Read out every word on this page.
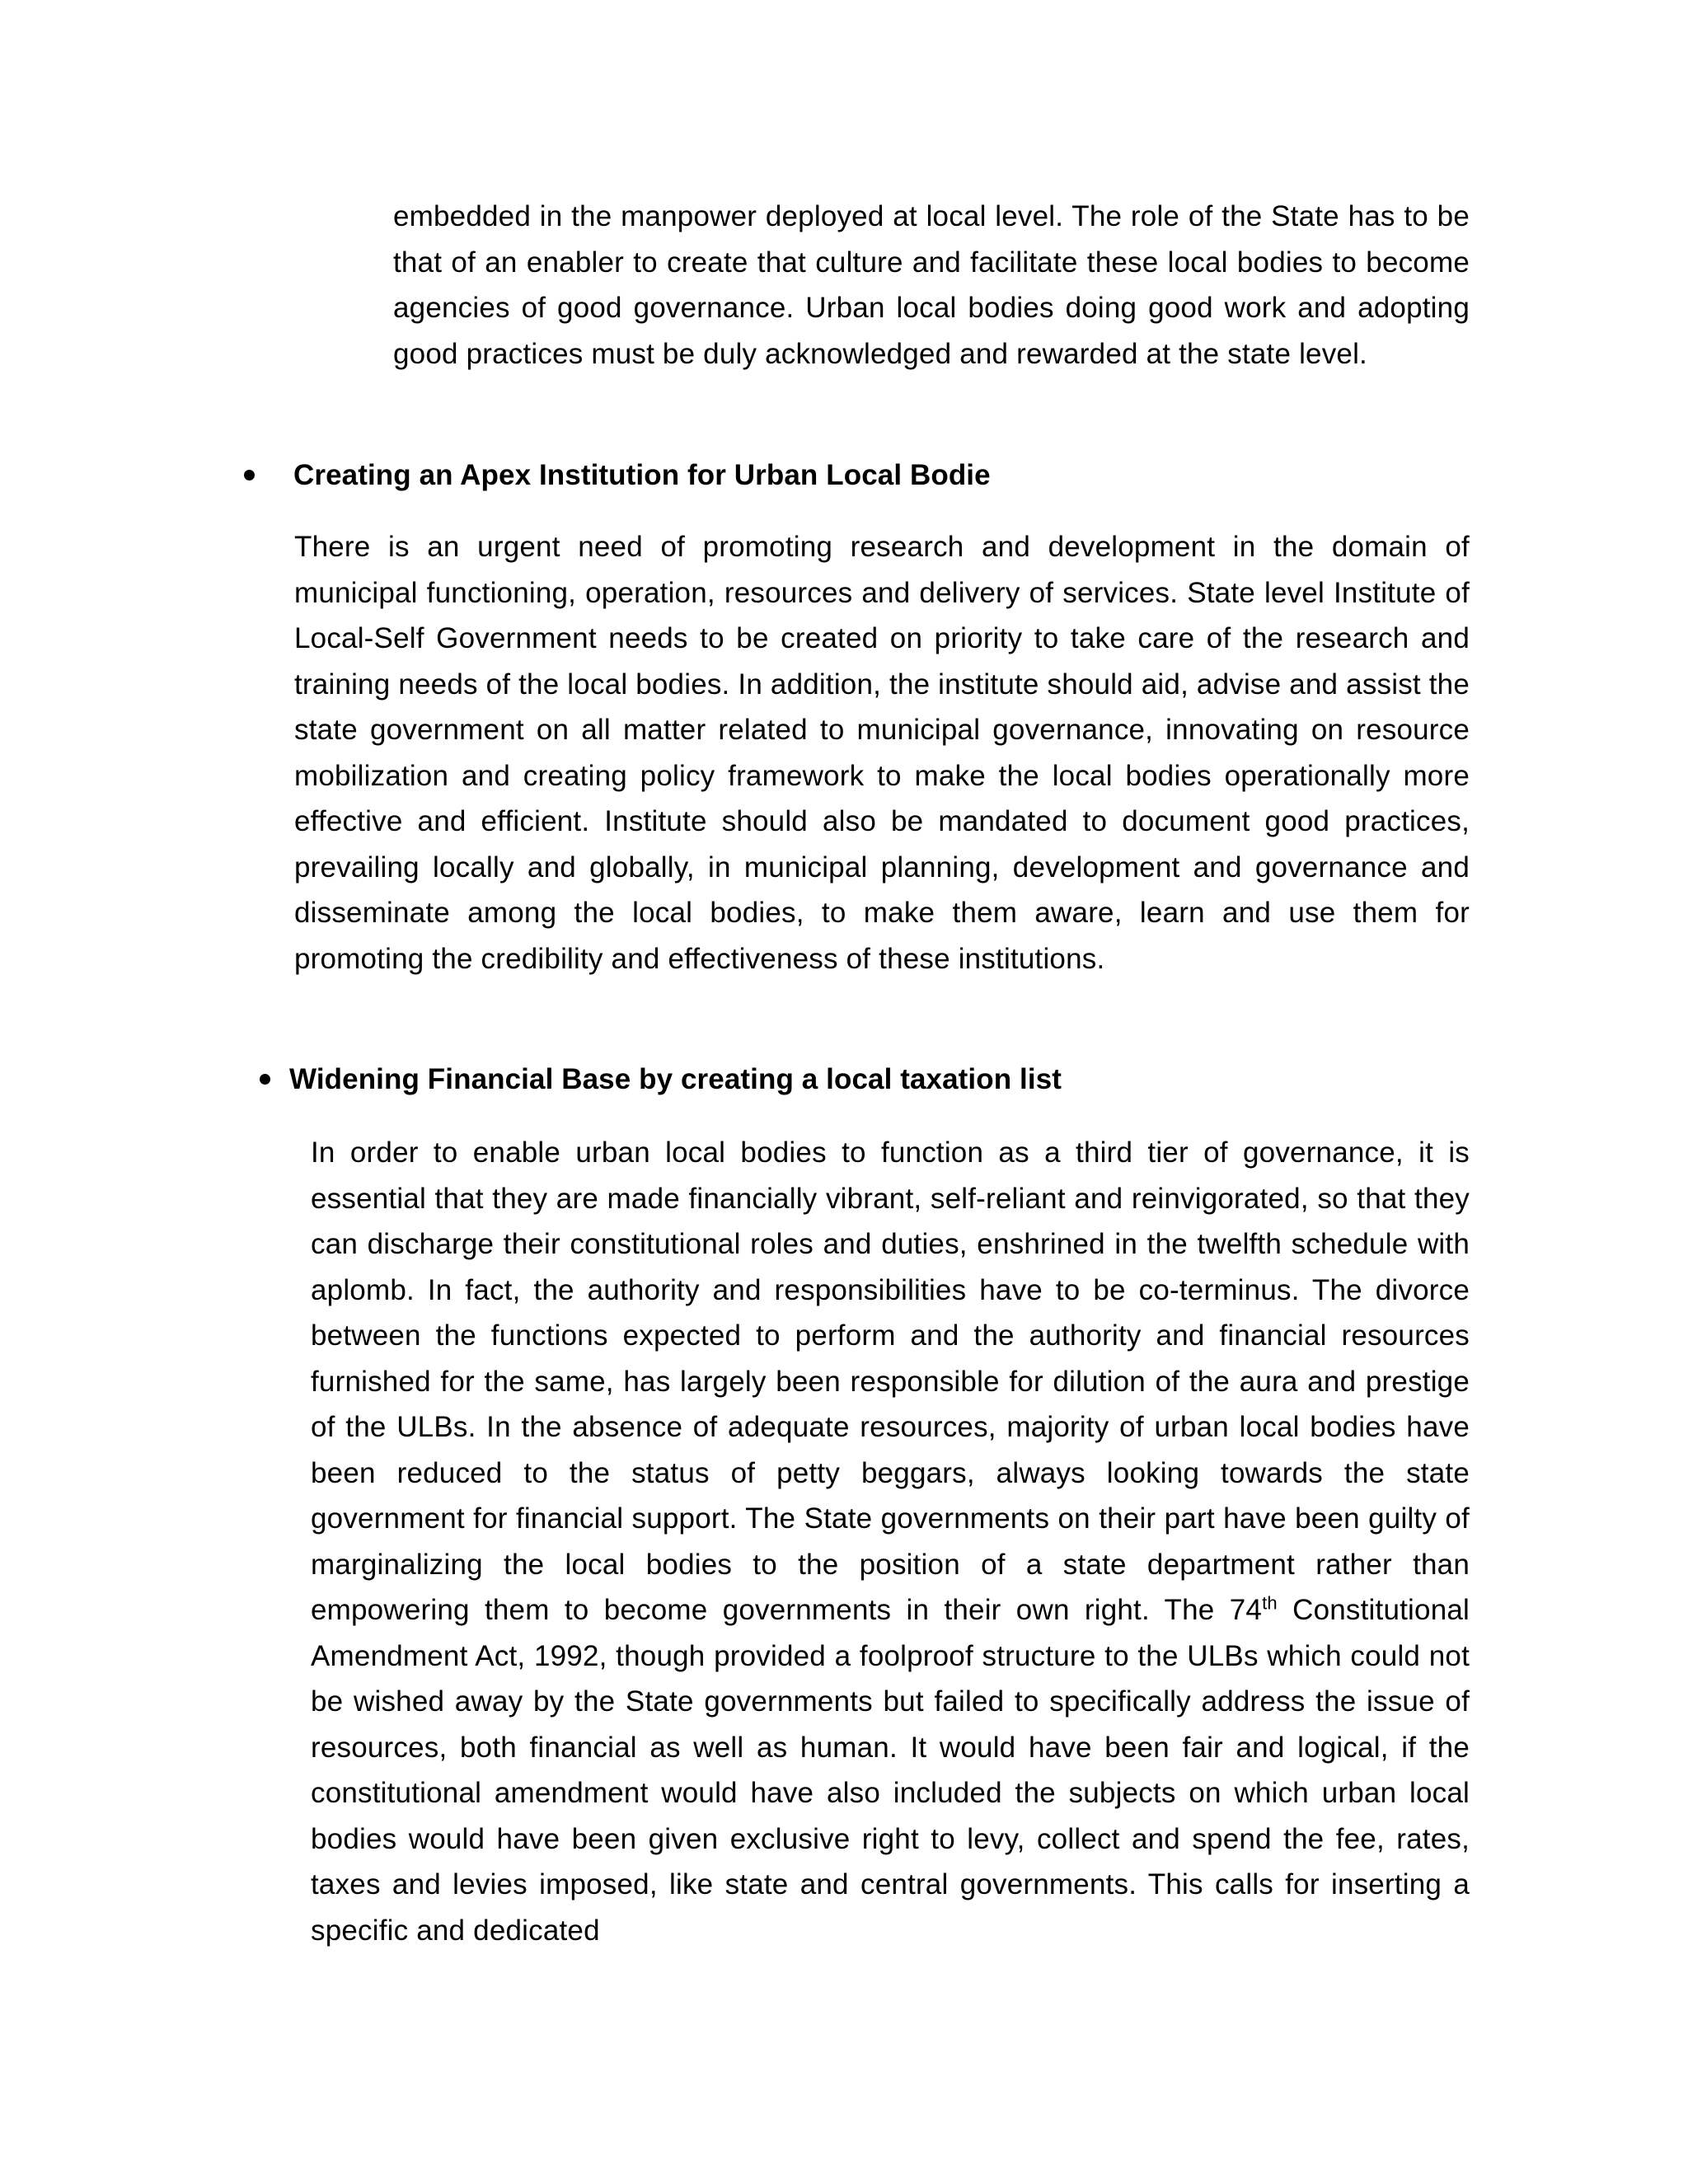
embedded in the manpower deployed at local level. The role of the State has to be that of an enabler to create that culture and facilitate these local bodies to become agencies of good governance. Urban local bodies doing good work and adopting good practices must be duly acknowledged and rewarded at the state level.

Creating an Apex Institution for Urban Local Bodie

There is an urgent need of promoting research and development in the domain of municipal functioning, operation, resources and delivery of services. State level Institute of Local-Self Government needs to be created on priority to take care of the research and training needs of the local bodies. In addition, the institute should aid, advise and assist the state government on all matter related to municipal governance, innovating on resource mobilization and creating policy framework to make the local bodies operationally more effective and efficient. Institute should also be mandated to document good practices, prevailing locally and globally, in municipal planning, development and governance and disseminate among the local bodies, to make them aware, learn and use them for promoting the credibility and effectiveness of these institutions.

Widening Financial Base by creating a local taxation list

In order to enable urban local bodies to function as a third tier of governance, it is essential that they are made financially vibrant, self-reliant and reinvigorated, so that they can discharge their constitutional roles and duties, enshrined in the twelfth schedule with aplomb. In fact, the authority and responsibilities have to be co-terminus. The divorce between the functions expected to perform and the authority and financial resources furnished for the same, has largely been responsible for dilution of the aura and prestige of the ULBs. In the absence of adequate resources, majority of urban local bodies have been reduced to the status of petty beggars, always looking towards the state government for financial support. The State governments on their part have been guilty of marginalizing the local bodies to the position of a state department rather than empowering them to become governments in their own right. The 74th Constitutional Amendment Act, 1992, though provided a foolproof structure to the ULBs which could not be wished away by the State governments but failed to specifically address the issue of resources, both financial as well as human. It would have been fair and logical, if the constitutional amendment would have also included the subjects on which urban local bodies would have been given exclusive right to levy, collect and spend the fee, rates, taxes and levies imposed, like state and central governments. This calls for inserting a specific and dedicated
